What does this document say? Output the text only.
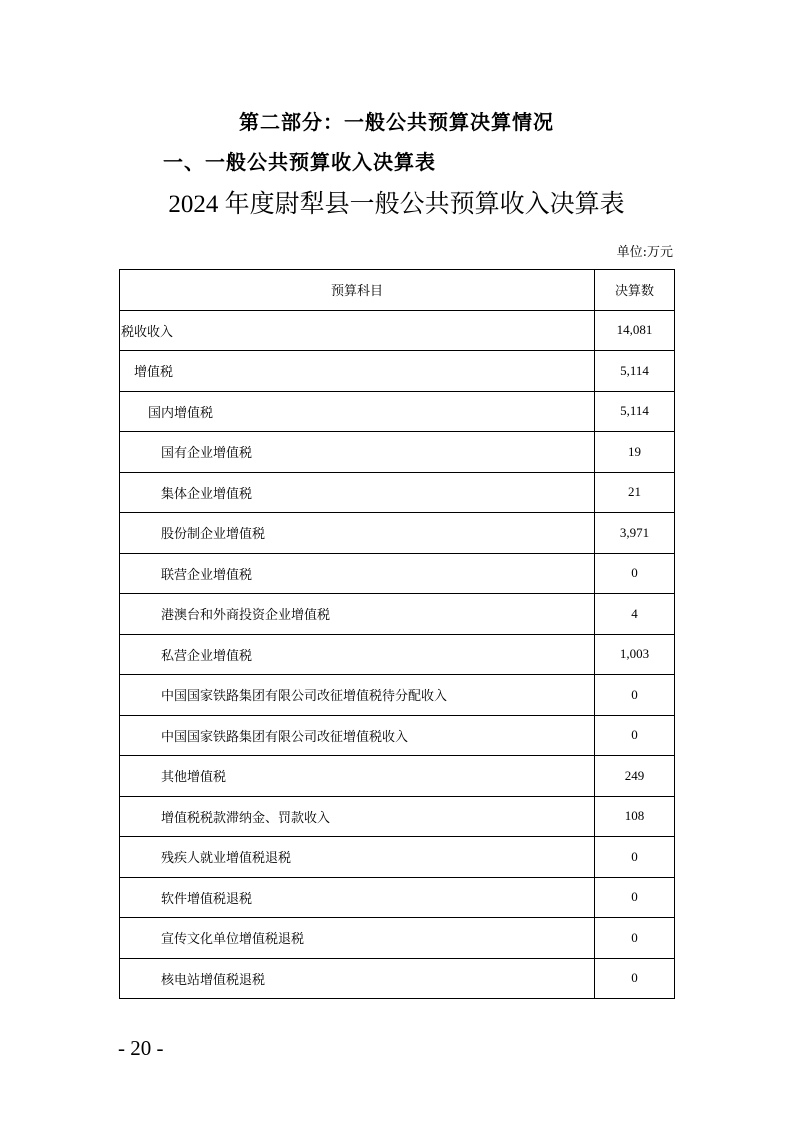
第二部分：一般公共预算决算情况
一、一般公共预算收入决算表
2024 年度尉犁县一般公共预算收入决算表
单位:万元
预算科目	决算数
税收收入	14,081
增值税	5,114
国内增值税	5,114
国有企业增值税	19
集体企业增值税	21
股份制企业增值税	3,971
联营企业增值税	0
港澳台和外商投资企业增值税	4
私营企业增值税	1,003
中国国家铁路集团有限公司改征增值税待分配收入	0
中国国家铁路集团有限公司改征增值税收入	0
其他增值税	249
增值税税款滞纳金、罚款收入	108
残疾人就业增值税退税	0
软件增值税退税	0
宣传文化单位增值税退税	0
核电站增值税退税	0
- 20 -
